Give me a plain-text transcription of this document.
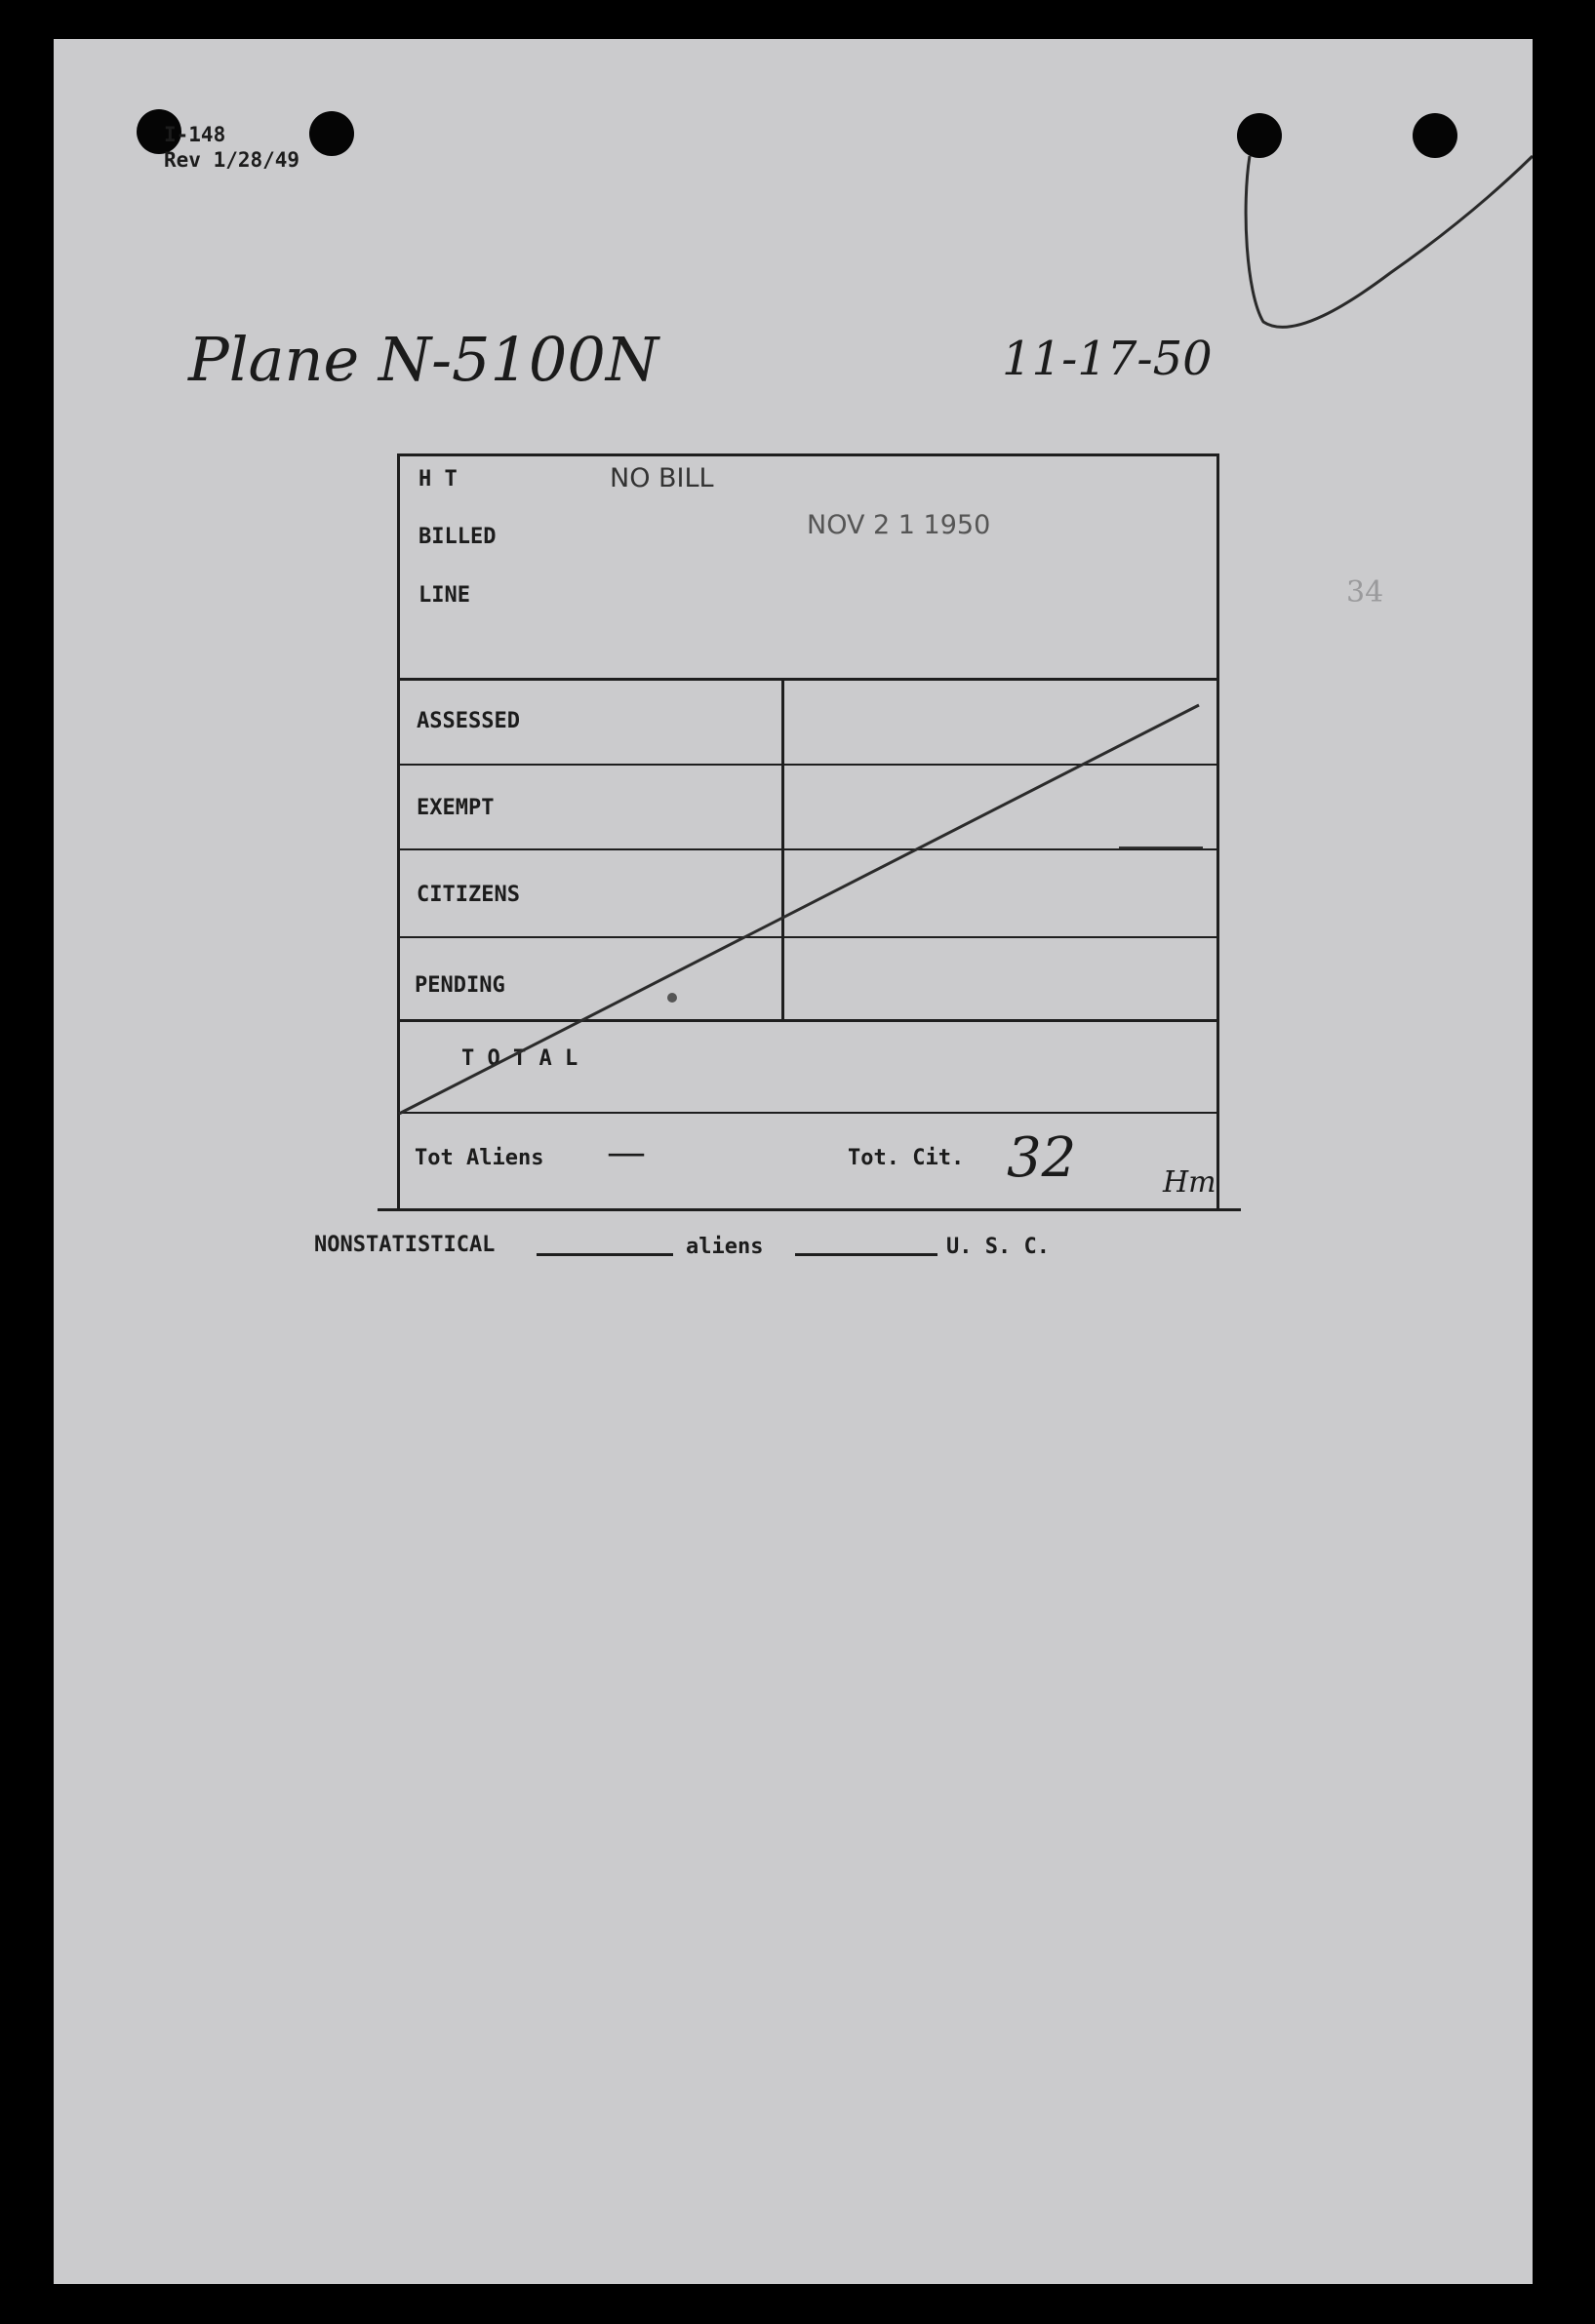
I-148
Rev 1/28/49
Plane N-5100N	11-17-50
34
H T
BILLED
LINE
ASSESSED
EXEMPT
CITIZENS
PENDING
T O T A L
Tot Aliens —	Tot. Cit. 32
NO BILL
NOV 2 1 1950
Hm
NONSTATISTICAL	aliens	U. S. C.
